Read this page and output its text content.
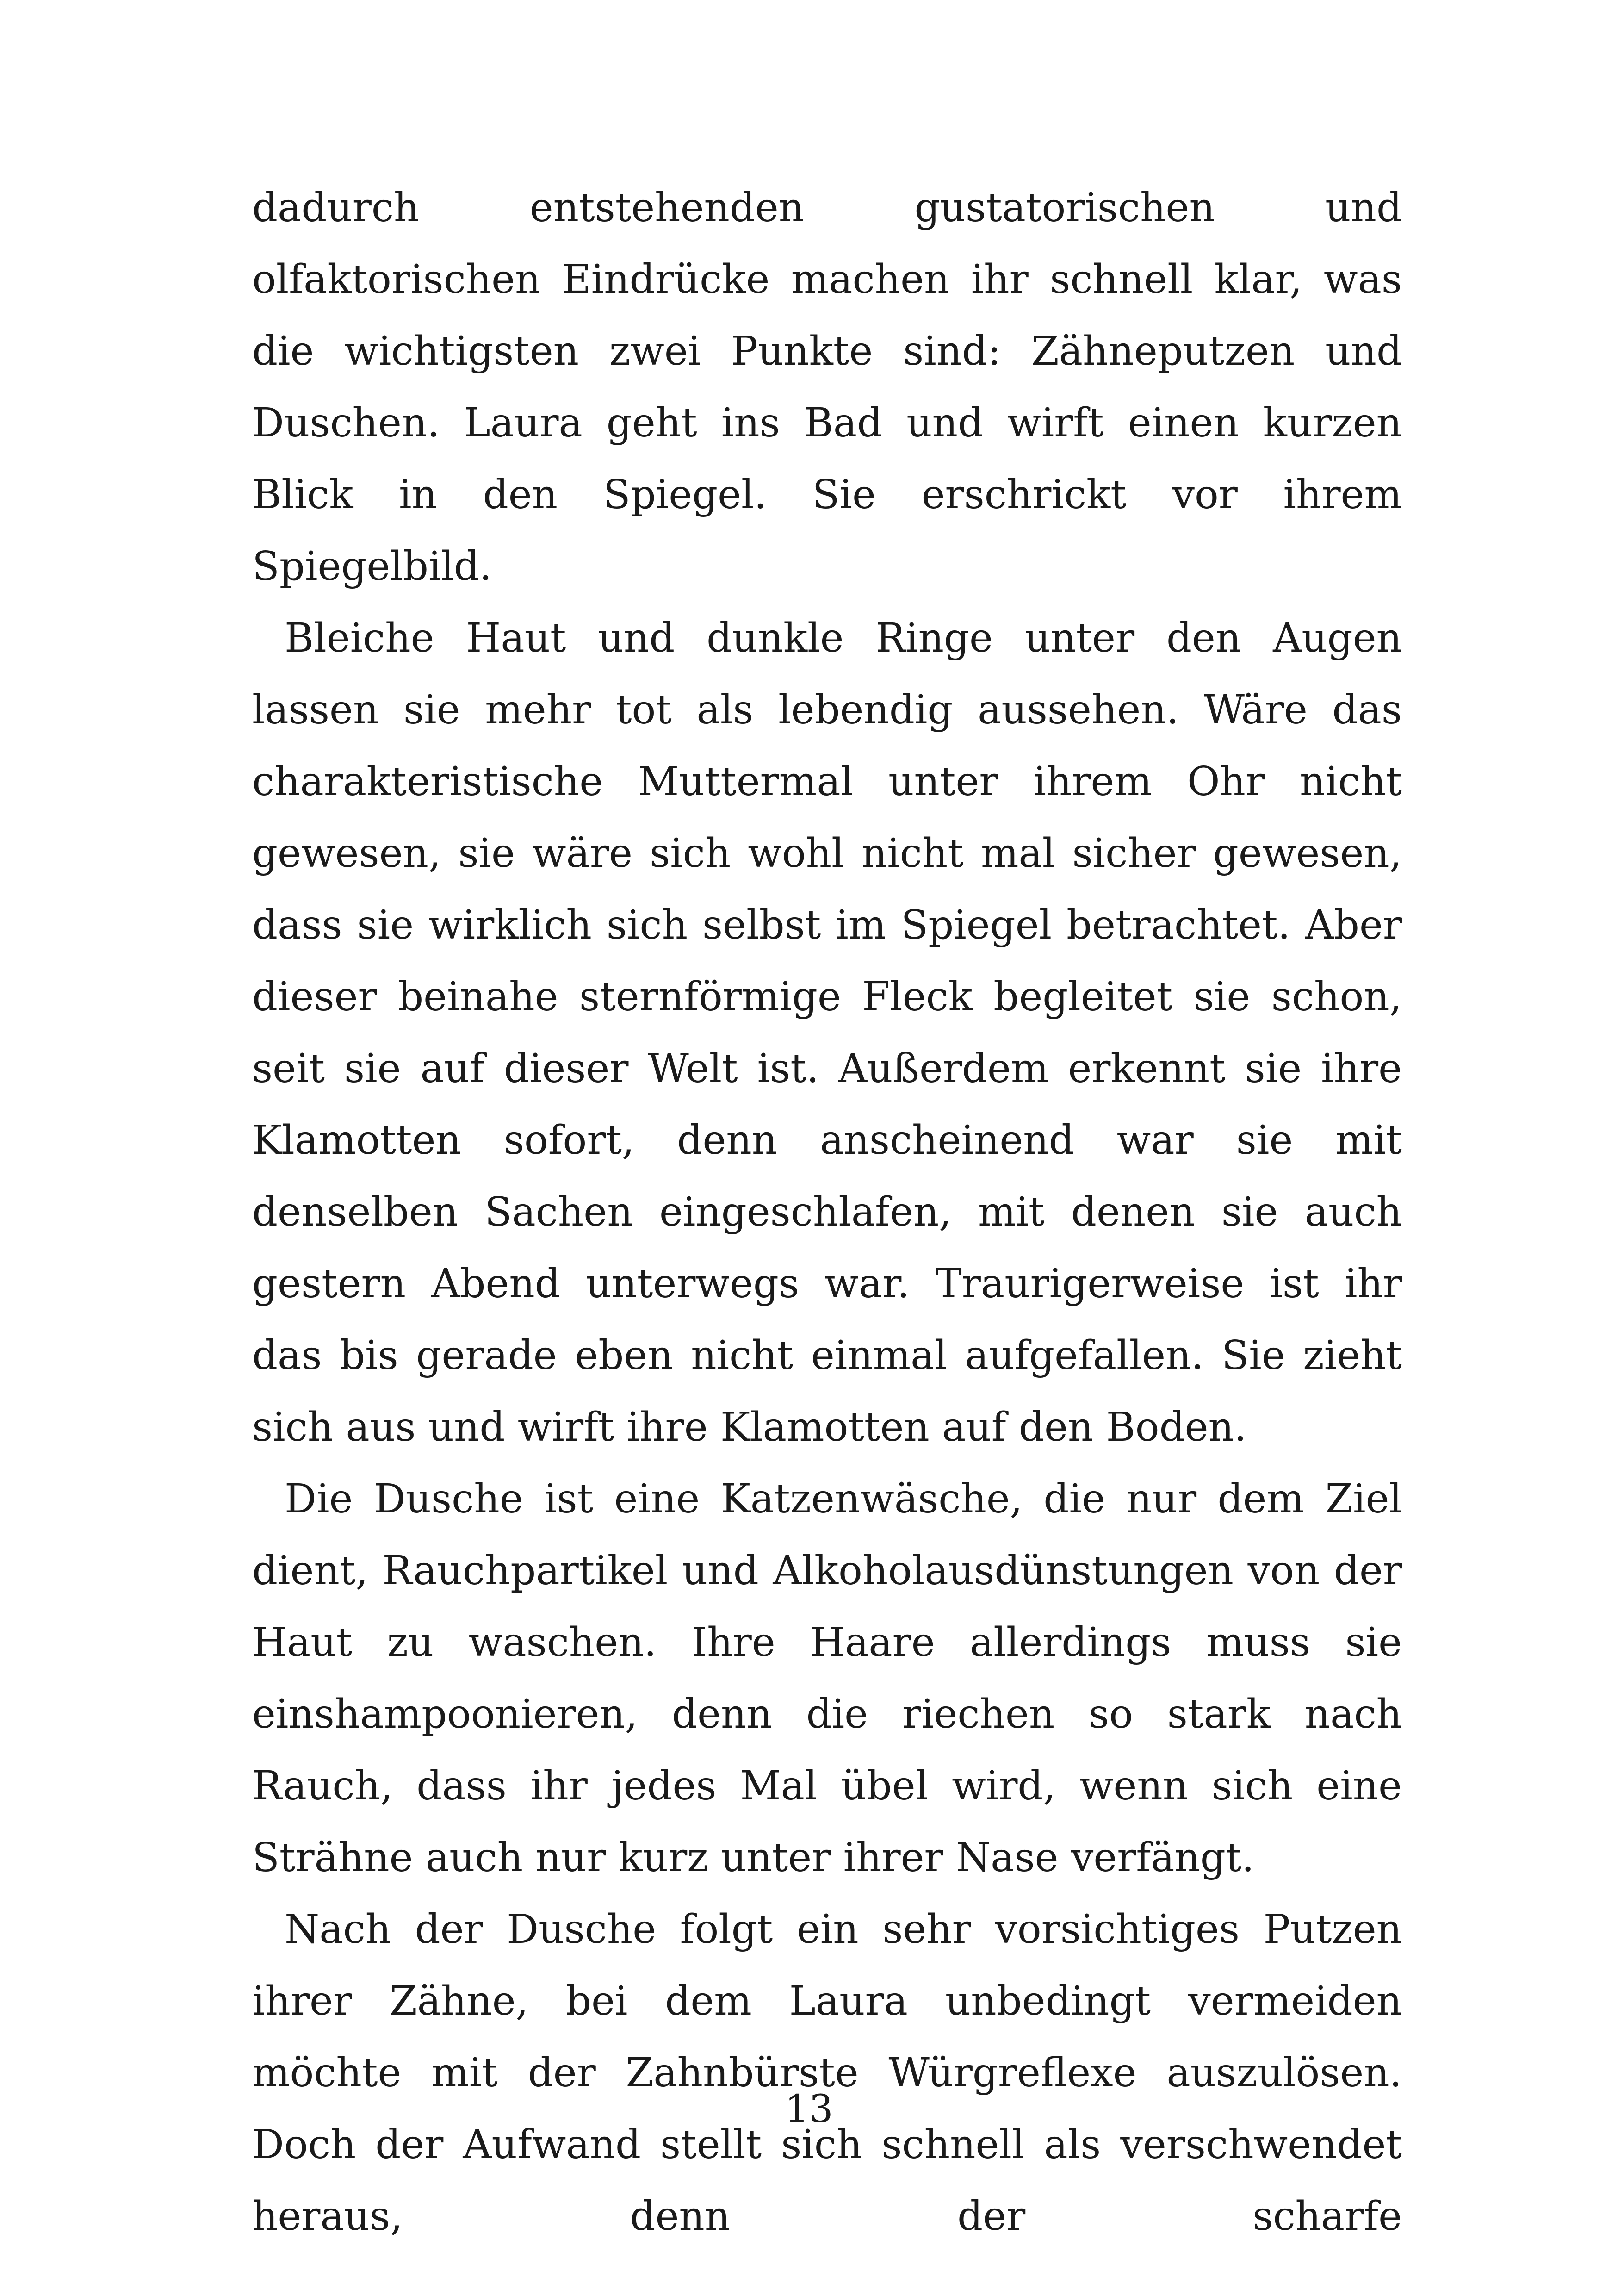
dadurch entstehenden gustatorischen und olfaktorischen Eindrücke machen ihr schnell klar, was die wichtigsten zwei Punkte sind: Zähneputzen und Duschen. Laura geht ins Bad und wirft einen kurzen Blick in den Spiegel. Sie erschrickt vor ihrem Spiegelbild.

Bleiche Haut und dunkle Ringe unter den Augen lassen sie mehr tot als lebendig aussehen. Wäre das charakteristische Muttermal unter ihrem Ohr nicht gewesen, sie wäre sich wohl nicht mal sicher gewesen, dass sie wirklich sich selbst im Spiegel betrachtet. Aber dieser beinahe sternförmige Fleck begleitet sie schon, seit sie auf dieser Welt ist. Außerdem erkennt sie ihre Klamotten sofort, denn anscheinend war sie mit denselben Sachen eingeschlafen, mit denen sie auch gestern Abend unterwegs war. Traurigerweise ist ihr das bis gerade eben nicht einmal aufgefallen. Sie zieht sich aus und wirft ihre Klamotten auf den Boden.

Die Dusche ist eine Katzenwäsche, die nur dem Ziel dient, Rauchpartikel und Alkoholausdünstungen von der Haut zu waschen. Ihre Haare allerdings muss sie einshampoonieren, denn die riechen so stark nach Rauch, dass ihr jedes Mal übel wird, wenn sich eine Strähne auch nur kurz unter ihrer Nase verfängt.

Nach der Dusche folgt ein sehr vorsichtiges Putzen ihrer Zähne, bei dem Laura unbedingt vermeiden möchte mit der Zahnbürste Würgreflexe auszulösen. Doch der Aufwand stellt sich schnell als verschwendet heraus, denn der scharfe

13
